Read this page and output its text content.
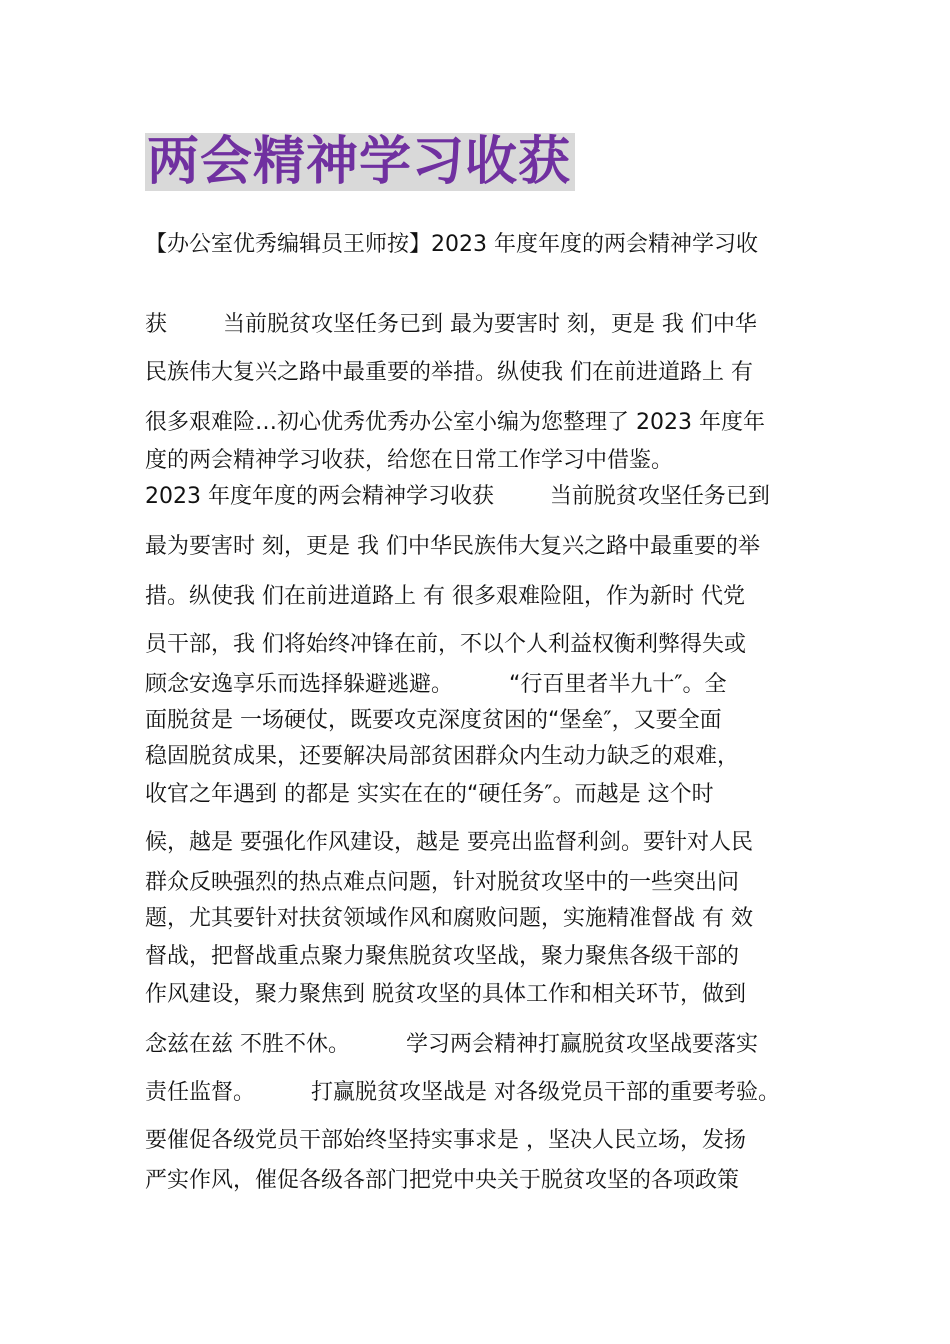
两会精神学习收获
【办公室优秀编辑员王师按】2023 年度年度的两会精神学习收
获        当前脱贫攻坚任务已到 最为要害时 刻，更是 我 们中华
民族伟大复兴之路中最重要的举措。纵使我 们在前进道路上 有
很多艰难险…初心优秀优秀办公室小编为您整理了 2023 年度年
度的两会精神学习收获，给您在日常工作学习中借鉴。
2023 年度年度的两会精神学习收获        当前脱贫攻坚任务已到
最为要害时 刻，更是 我 们中华民族伟大复兴之路中最重要的举
措。纵使我 们在前进道路上 有 很多艰难险阻，作为新时 代党
员干部，我 们将始终冲锋在前，不以个人利益权衡利弊得失或
顾念安逸享乐而选择躲避逃避。        “行百里者半九十″。全
面脱贫是 一场硬仗，既要攻克深度贫困的“堡垒″，又要全面
稳固脱贫成果，还要解决局部贫困群众内生动力缺乏的艰难，
收官之年遇到 的都是 实实在在的“硬任务″。而越是 这个时
候，越是 要强化作风建设，越是 要亮出监督利剑。要针对人民
群众反映强烈的热点难点问题，针对脱贫攻坚中的一些突出问
题，尤其要针对扶贫领域作风和腐败问题，实施精准督战 有 效
督战，把督战重点聚力聚焦脱贫攻坚战，聚力聚焦各级干部的
作风建设，聚力聚焦到 脱贫攻坚的具体工作和相关环节，做到
念兹在兹 不胜不休。        学习两会精神打赢脱贫攻坚战要落实
责任监督。        打赢脱贫攻坚战是 对各级党员干部的重要考验。
要催促各级党员干部始终坚持实事求是 ，坚决人民立场，发扬
严实作风，催促各级各部门把党中央关于脱贫攻坚的各项政策
